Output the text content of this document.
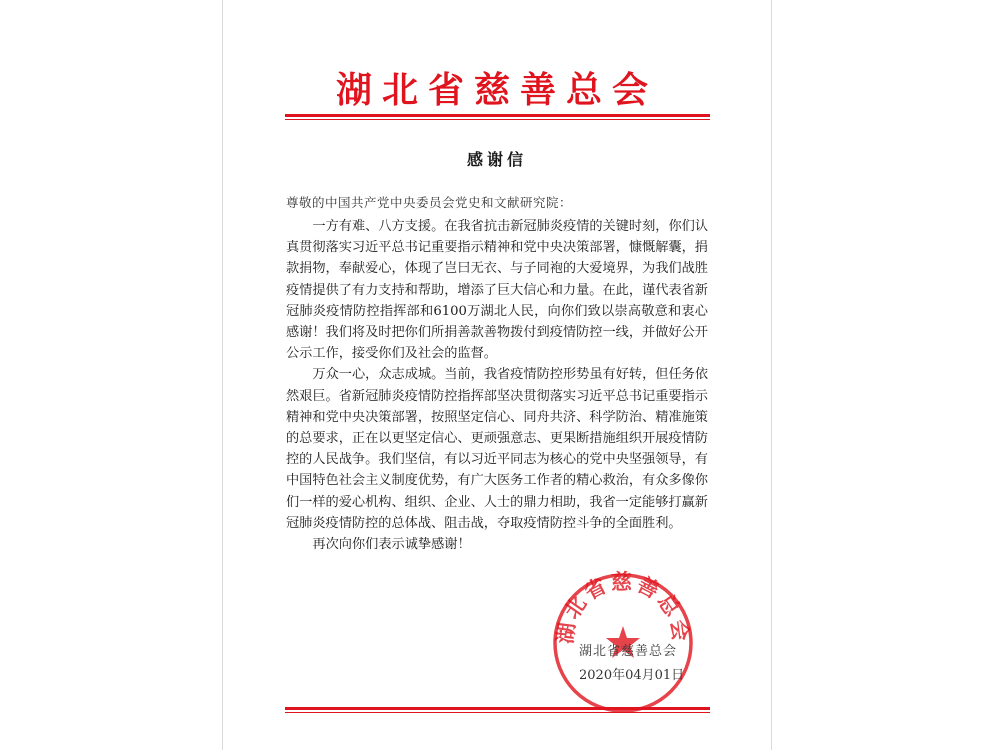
湖北省慈善总会
感谢信
尊敬的中国共产党中央委员会党史和文献研究院：

一方有难、八方支援。在我省抗击新冠肺炎疫情的关键时刻，你们认真贯彻落实习近平总书记重要指示精神和党中央决策部署，慷慨解囊，捐款捐物，奉献爱心，体现了岂曰无衣、与子同袍的大爱境界，为我们战胜疫情提供了有力支持和帮助，增添了巨大信心和力量。在此，谨代表省新冠肺炎疫情防控指挥部和6100万湖北人民，向你们致以崇高敬意和衷心感谢！我们将及时把你们所捐善款善物拨付到疫情防控一线，并做好公开公示工作，接受你们及社会的监督。

万众一心，众志成城。当前，我省疫情防控形势虽有好转，但任务依然艰巨。省新冠肺炎疫情防控指挥部坚决贯彻落实习近平总书记重要指示精神和党中央决策部署，按照坚定信心、同舟共济、科学防治、精准施策的总要求，正在以更坚定信心、更顽强意志、更果断措施组织开展疫情防控的人民战争。我们坚信，有以习近平同志为核心的党中央坚强领导，有中国特色社会主义制度优势，有广大医务工作者的精心救治，有众多像你们一样的爱心机构、组织、企业、人士的鼎力相助，我省一定能够打赢新冠肺炎疫情防控的总体战、阻击战，夺取疫情防控斗争的全面胜利。

再次向你们表示诚挚感谢！

湖北省慈善总会
湖北省慈善总会
2020年04月01日
